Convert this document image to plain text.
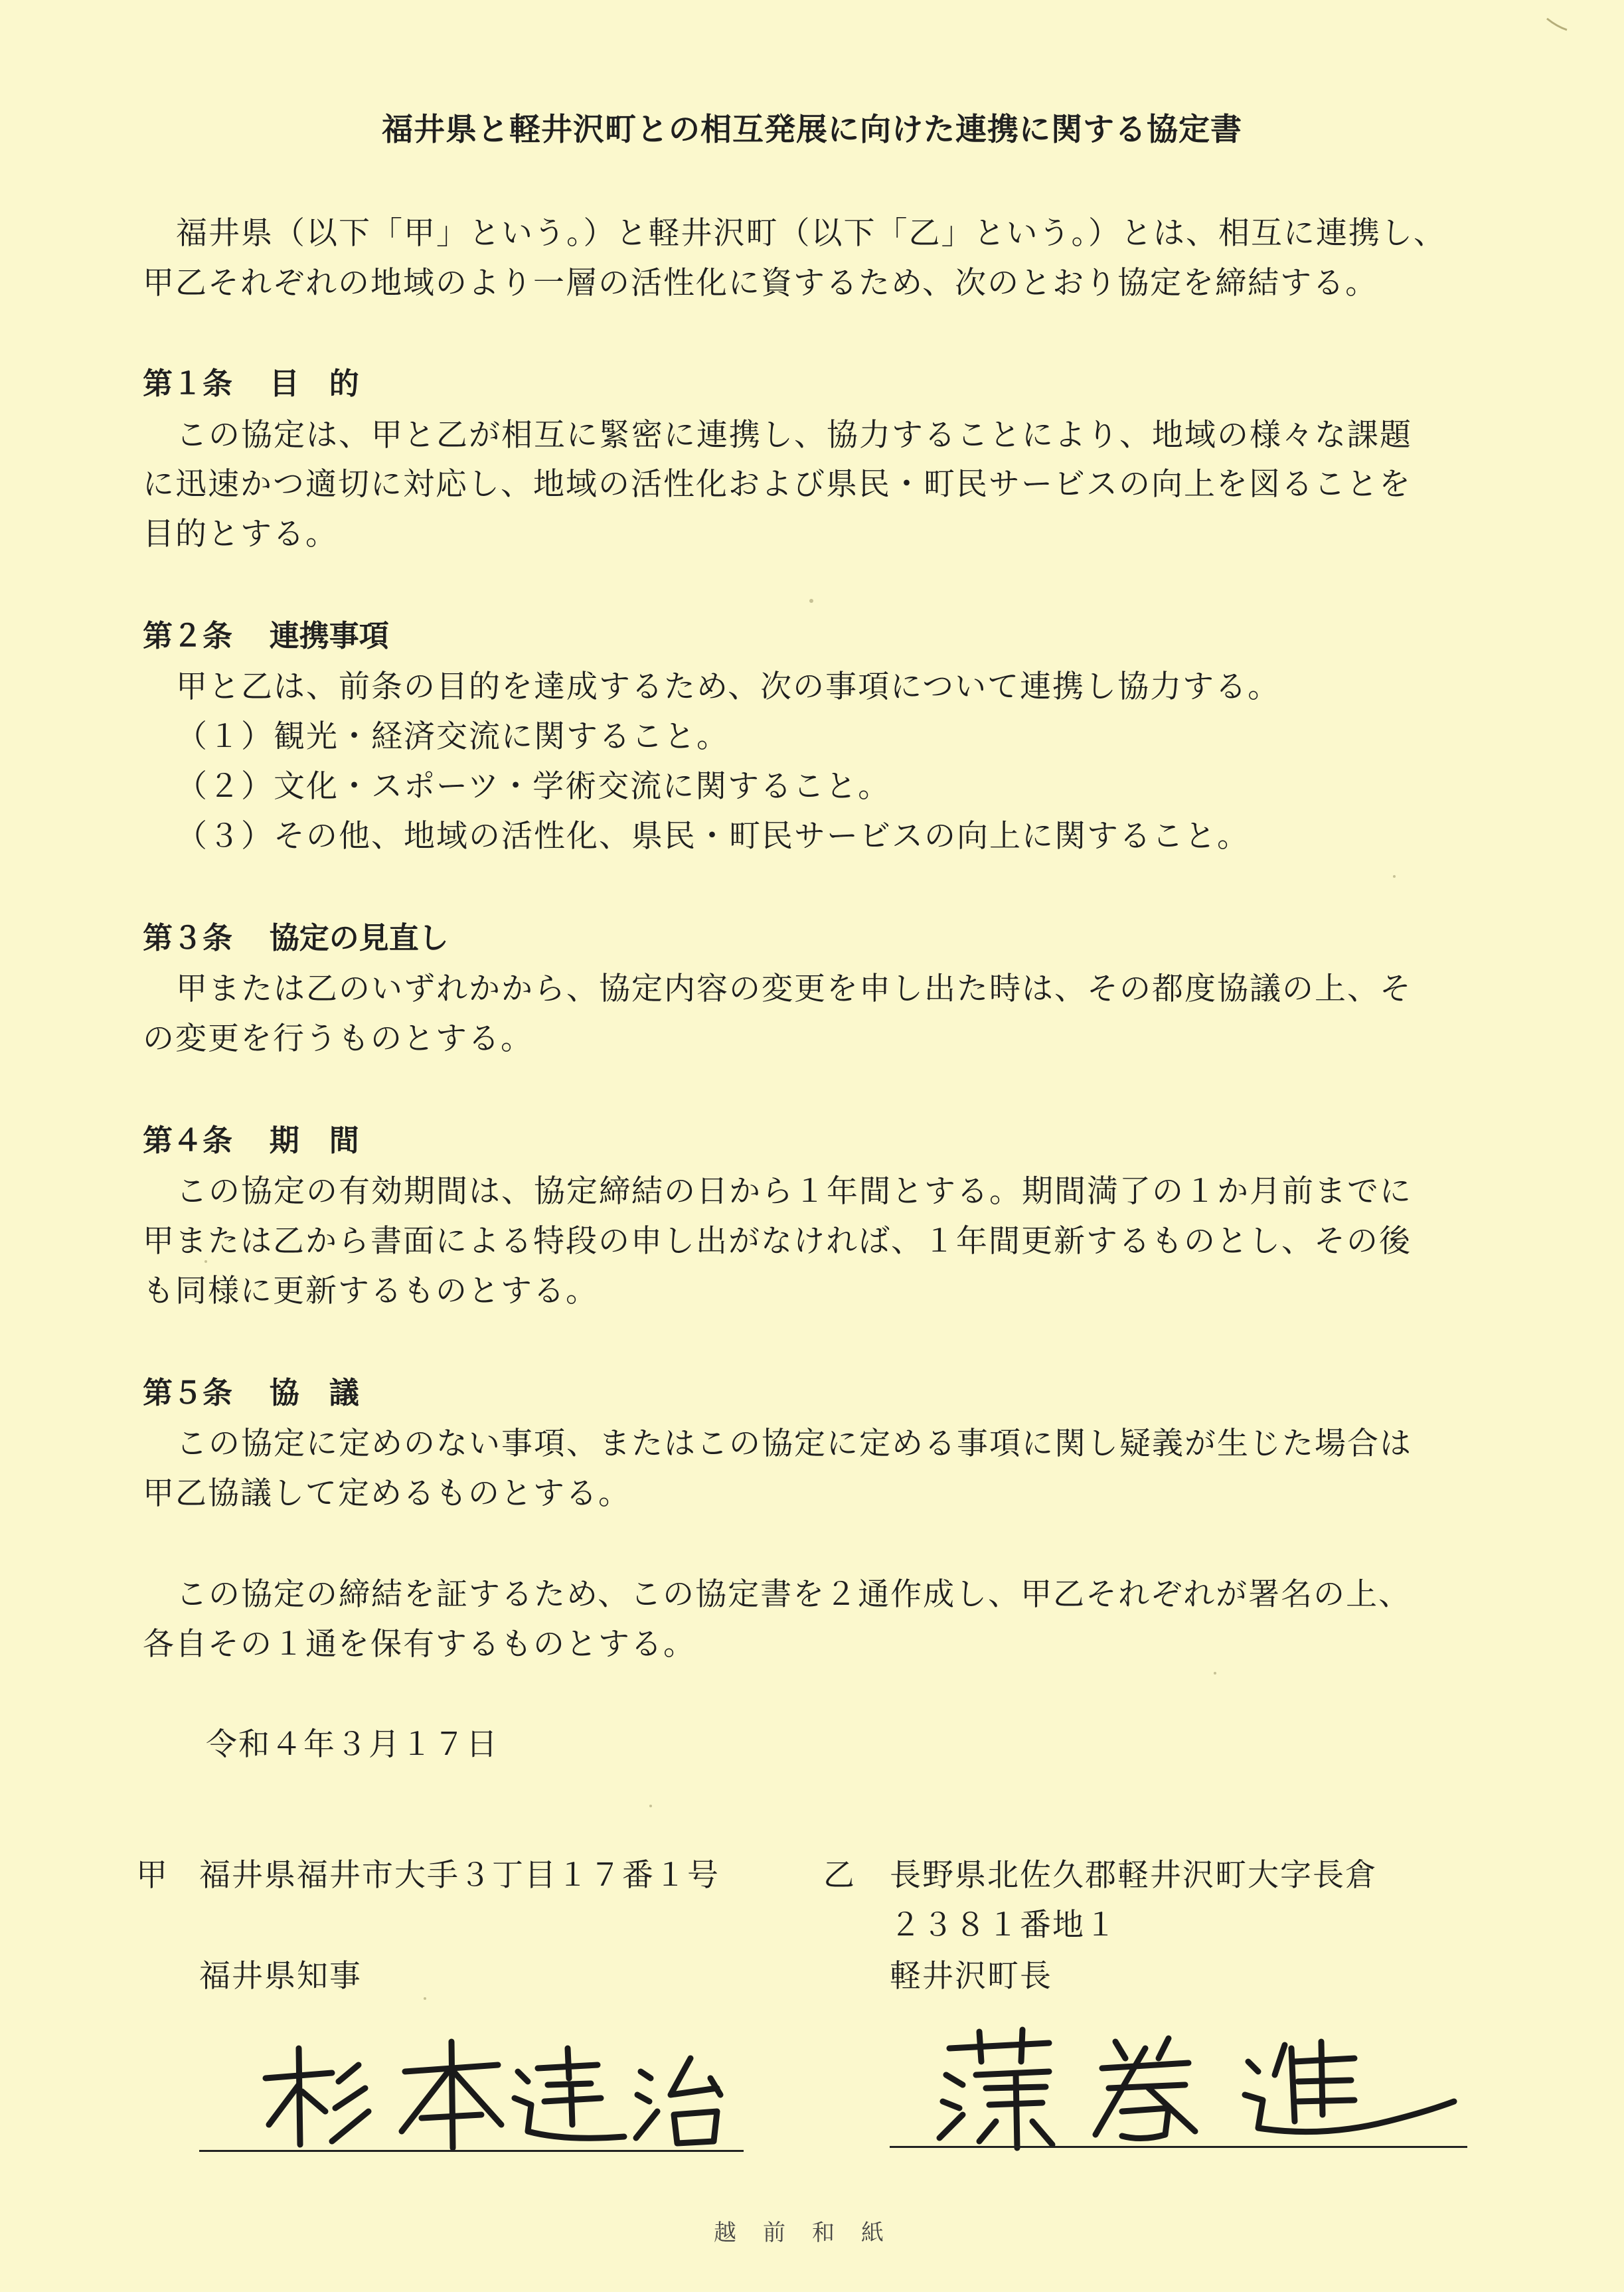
福井県と軽井沢町との相互発展に向けた連携に関する協定書
福井県（以下「甲」という。）と軽井沢町（以下「乙」という。）とは、相互に連携し、
甲乙それぞれの地域のより一層の活性化に資するため、次のとおり協定を締結する。
第１条 目　的
この協定は、甲と乙が相互に緊密に連携し、協力することにより、地域の様々な課題
に迅速かつ適切に対応し、地域の活性化および県民・町民サービスの向上を図ることを
目的とする。
第２条 連携事項
甲と乙は、前条の目的を達成するため、次の事項について連携し協力する。
（１）観光・経済交流に関すること。
（２）文化・スポーツ・学術交流に関すること。
（３）その他、地域の活性化、県民・町民サービスの向上に関すること。
第３条 協定の見直し
甲または乙のいずれかから、協定内容の変更を申し出た時は、その都度協議の上、そ
の変更を行うものとする。
第４条 期　間
この協定の有効期間は、協定締結の日から１年間とする。期間満了の１か月前までに
甲または乙から書面による特段の申し出がなければ、１年間更新するものとし、その後
も同様に更新するものとする。
第５条 協　議
この協定に定めのない事項、またはこの協定に定める事項に関し疑義が生じた場合は
甲乙協議して定めるものとする。
この協定の締結を証するため、この協定書を２通作成し、甲乙それぞれが署名の上、
各自その１通を保有するものとする。
令和４年３月１７日
甲 福井県福井市大手３丁目１７番１号
福井県知事
乙 長野県北佐久郡軽井沢町大字長倉
２３８１番地１
軽井沢町長
越前和紙
